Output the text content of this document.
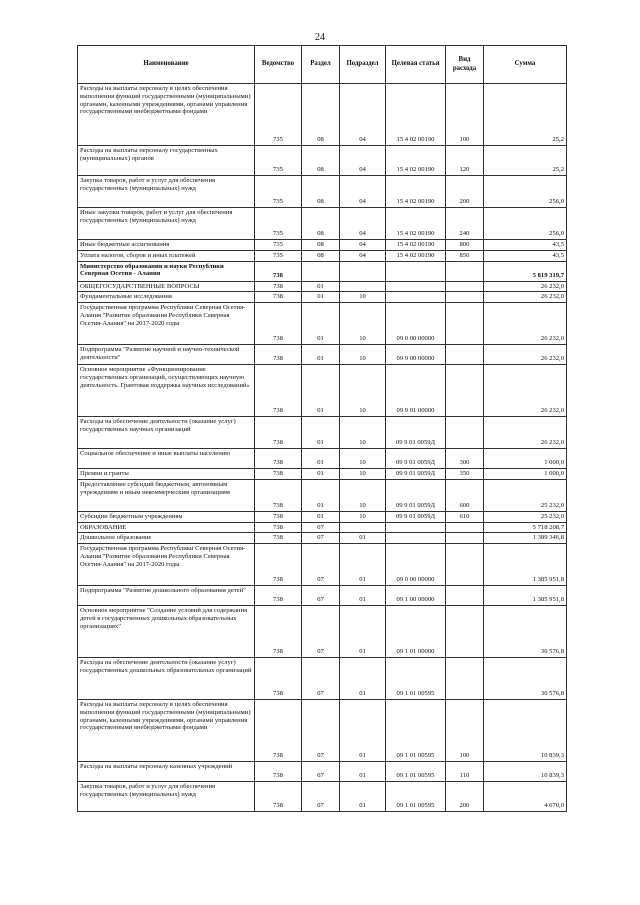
24
Наименование	Ведомство	Раздел	Подраздел	Целевая статья	Вид расхода	Сумма
Расходы на выплаты персоналу в целях обеспечения выполнения функций государственными (муниципальными) органами, казенными учреждениями, органами управления государственными внебюджетными фондами	735	08	04	15 4 02 00190	100	25,2
Расходы на выплаты персоналу государственных (муниципальных) органов	735	08	04	15 4 02 00190	120	25,2
Закупка товаров, работ и услуг для обеспечения государственных (муниципальных) нужд	735	08	04	15 4 02 00190	200	256,0
Иные закупки товаров, работ и услуг для обеспечения государственных (муниципальных) нужд	735	08	04	15 4 02 00190	240	256,0
Иные бюджетные ассигнования	735	08	04	15 4 02 00190	800	43,5
Уплата налогов, сборов и иных платежей	735	08	04	15 4 02 00190	850	43,5
Министерство образования и науки Республики Северная Осетия - Алания	738					5 819 319,7
ОБЩЕГОСУДАРСТВЕННЫЕ ВОПРОСЫ	738	01				26 232,0
Фундаментальные исследования	738	01	10			26 232,0
Государственная программа Республики Северная Осетия-Алания "Развитие образования Республики Северная Осетия-Алания" на 2017-2020 годы	738	01	10	09 0 00 00000		26 232,0
Подпрограмма "Развитие научной и научно-технической деятельности"	738	01	10	09 9 00 00000		26 232,0
Основное мероприятие «Функционирование государственных организаций, осуществляющих научную деятельность. Грантовая поддержка научных исследований»	738	01	10	09 9 01 00000		26 232,0
Расходы на обеспечение деятельности (оказание услуг) государственных научных организаций	738	01	10	09 9 01 0059Д		26 232,0
Социальное обеспечение и иные выплаты населению	738	01	10	09 9 01 0059Д	300	1 000,0
Премии и гранты	738	01	10	09 9 01 0059Д	350	1 000,0
Предоставление субсидий бюджетным, автономным учреждениям и иным некоммерческим организациям	738	01	10	09 9 01 0059Д	600	25 232,0
Субсидии бюджетным учреждениям	738	01	10	09 9 01 0059Д	610	25 232,0
ОБРАЗОВАНИЕ	738	07				5 718 208,7
Дошкольное образование	738	07	01			1 389 346,8
Государственная программа Республики Северная Осетия-Алания "Развитие образования Республики Северная Осетия-Алания" на 2017-2020 годы	738	07	01	09 0 00 00000		1 385 951,8
Подпрограмма "Развитие дошкольного образования детей"	738	07	01	09 1 00 00000		1 385 951,8
Основное мероприятие "Создание условий для содержания детей в государственных дошкольных образовательных организациях"	738	07	01	09 1 01 00000		30 576,8
Расходы на обеспечение деятельности (оказание услуг) государственных дошкольных образовательных организаций	738	07	01	09 1 01 00595		30 576,8
Расходы на выплаты персоналу в целях обеспечения выполнения функций государственными (муниципальными) органами, казенными учреждениями, органами управления государственными внебюджетными фондами	738	07	01	09 1 01 00595	100	10 839,3
Расходы на выплаты персоналу казенных учреждений	738	07	01	09 1 01 00595	110	10 839,3
Закупка товаров, работ и услуг для обеспечения государственных (муниципальных) нужд	738	07	01	09 1 01 00595	200	4 670,0
